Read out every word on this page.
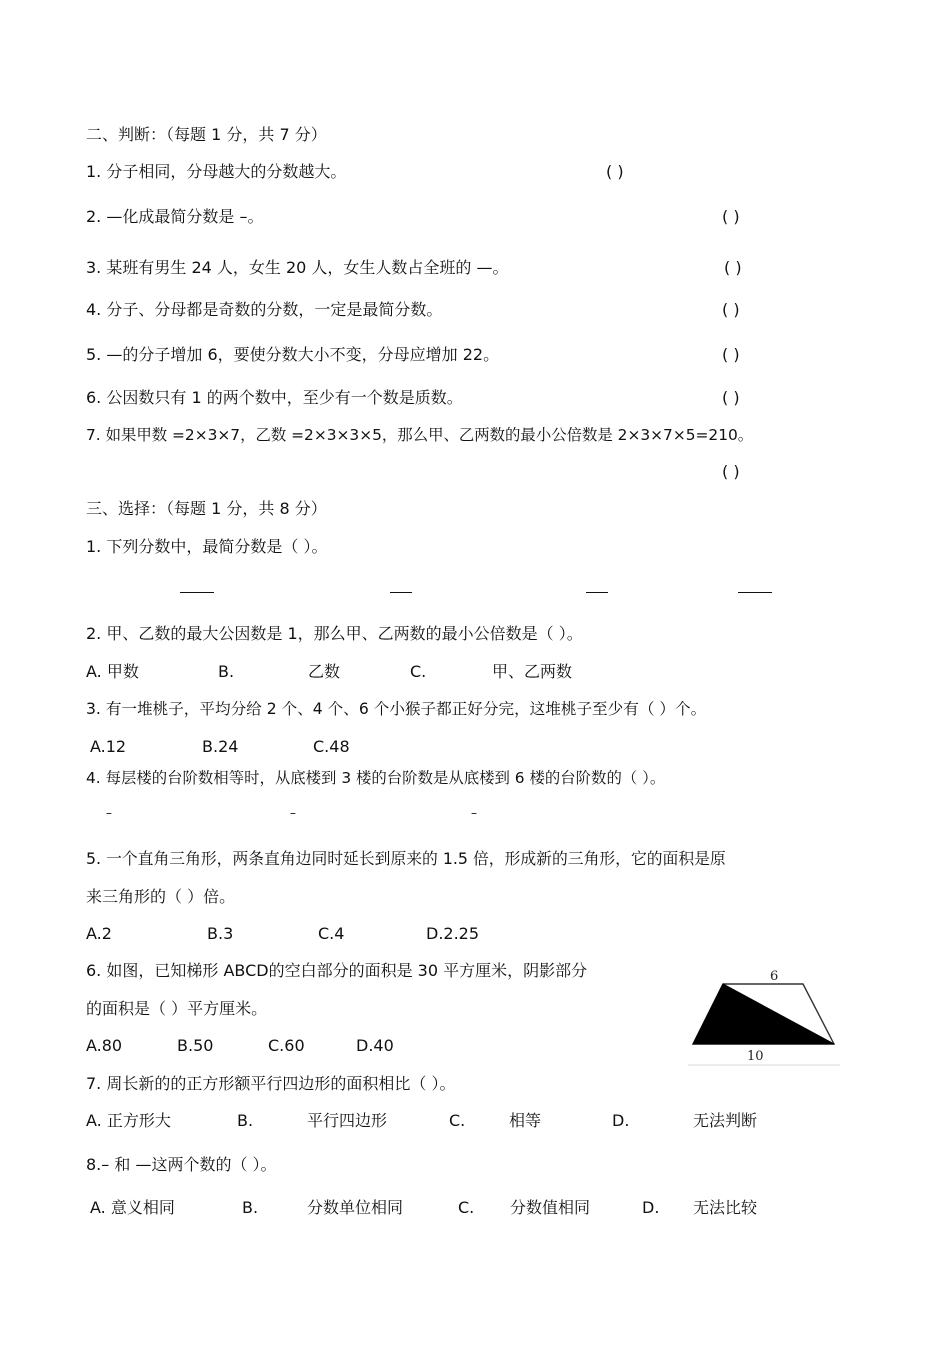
二、判断：（每题 1 分，共 7 分）
1. 分子相同，分母越大的分数越大。	( )
2. —化成最简分数是 –。	( )
3. 某班有男生 24 人，女生 20 人，女生人数占全班的 —。	( )
4. 分子、分母都是奇数的分数，一定是最简分数。	( )
5. —的分子增加 6，要使分数大小不变，分母应增加 22。	( )
6. 公因数只有 1 的两个数中，至少有一个数是质数。	( )
7. 如果甲数 =2×3×7，乙数 =2×3×3×5，那么甲、乙两数的最小公倍数是 2×3×7×5=210。
( )
三、选择：（每题 1 分，共 8 分）
1. 下列分数中，最简分数是（ ）。
2. 甲、乙数的最大公因数是 1，那么甲、乙两数的最小公倍数是（ ）。
A. 甲数	B.	乙数	C.	甲、乙两数
3. 有一堆桃子，平均分给 2 个、4 个、6 个小猴子都正好分完，这堆桃子至少有（ ）个。
A.12	B.24	C.48
4. 每层楼的台阶数相等时，从底楼到 3 楼的台阶数是从底楼到 6 楼的台阶数的（ ）。
–	–	–
5. 一个直角三角形，两条直角边同时延长到原来的 1.5 倍，形成新的三角形，它的面积是原
来三角形的（ ）倍。
A.2	B.3	C.4	D.2.25
6. 如图，已知梯形 ABCD的空白部分的面积是 30 平方厘米，阴影部分
的面积是（ ）平方厘米。
A.80	B.50	C.60	D.40
6
10
7. 周长新的的正方形额平行四边形的面积相比（ ）。
A. 正方形大	B.	平行四边形	C.	相等	D.	无法判断
8.– 和 —这两个数的（ ）。
A. 意义相同	B.	分数单位相同	C. 分数值相同	D. 无法比较
